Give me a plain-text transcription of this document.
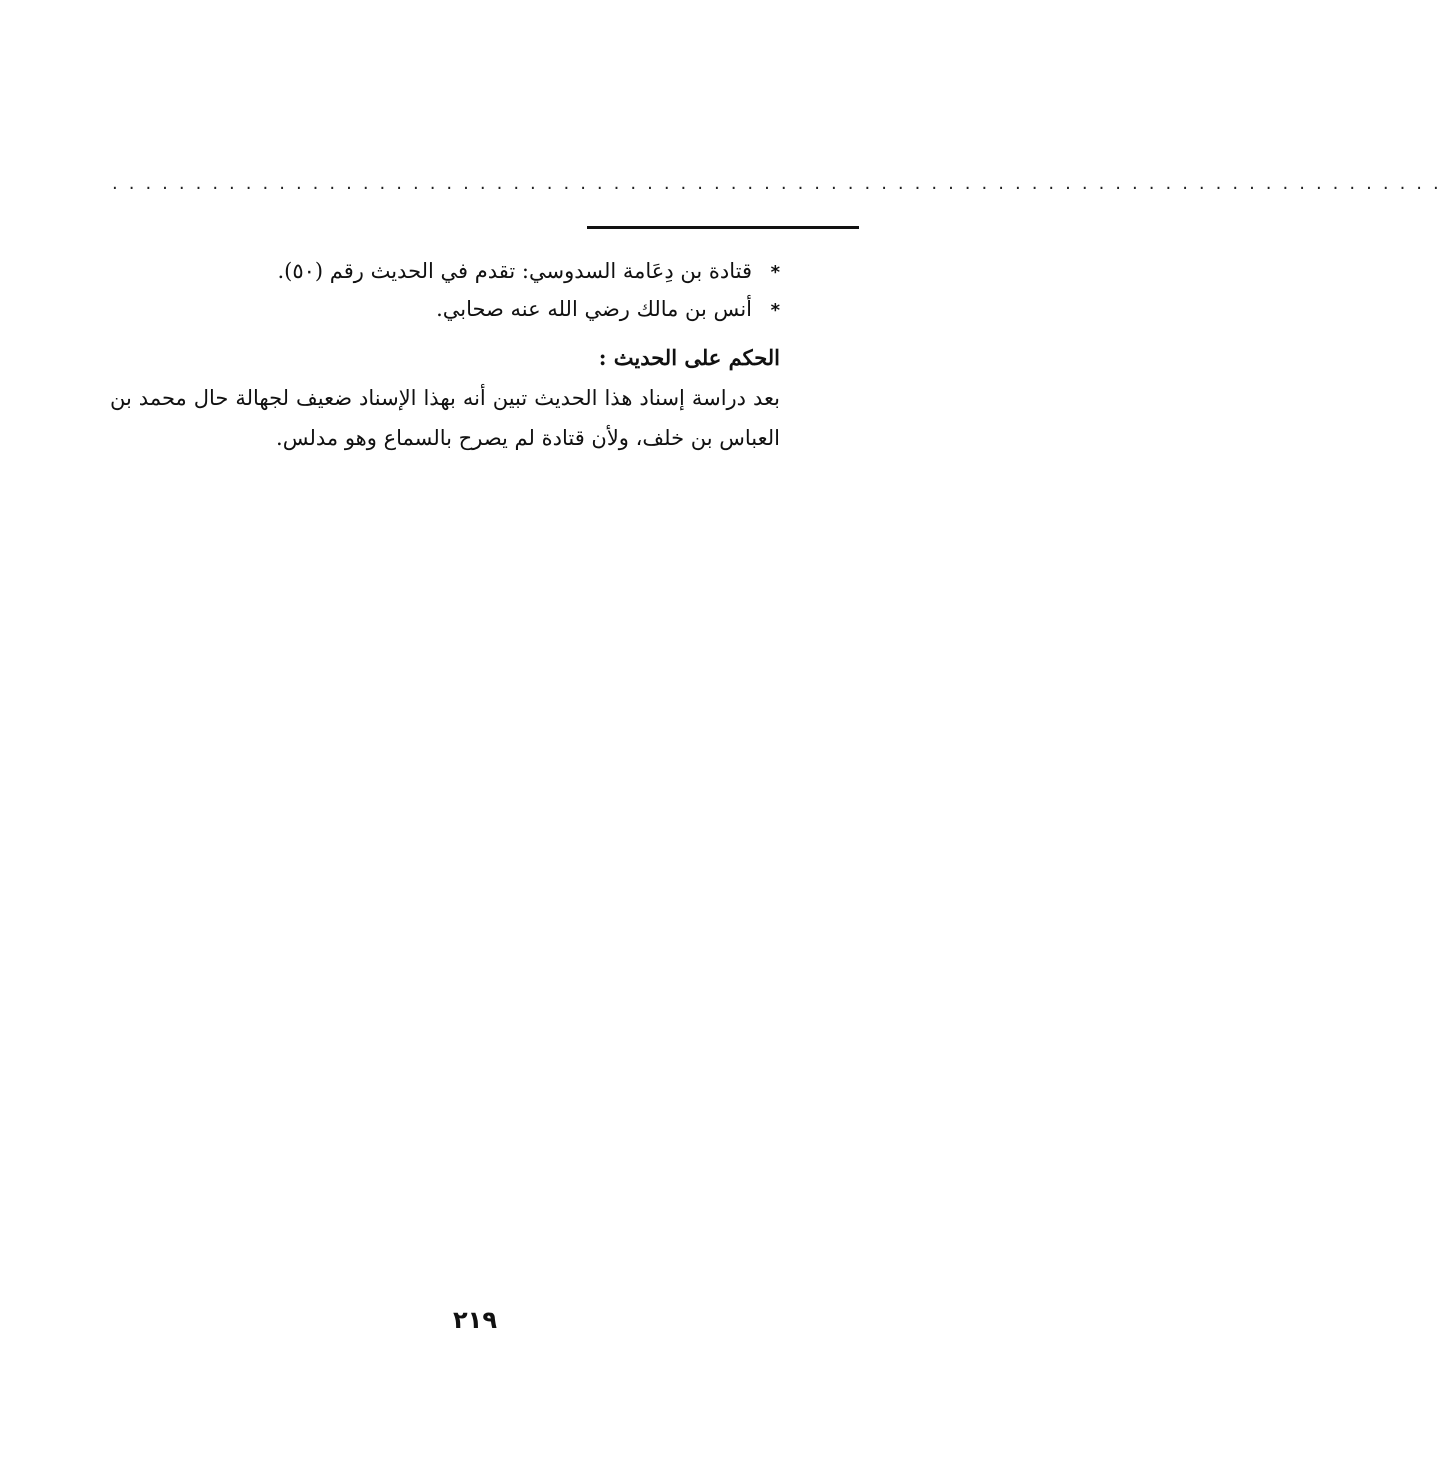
................................................................................
*قتادة بن دِعَامة السدوسي: تقدم في الحديث رقم (٥٠).
*أنس بن مالك رضي الله عنه صحابي.
الحكم على الحديث :
بعد دراسة إسناد هذا الحديث تبين أنه بهذا الإسناد ضعيف لجهالة حال محمد بن العباس بن خلف، ولأن قتادة لم يصرح بالسماع وهو مدلس.
٢١٩
